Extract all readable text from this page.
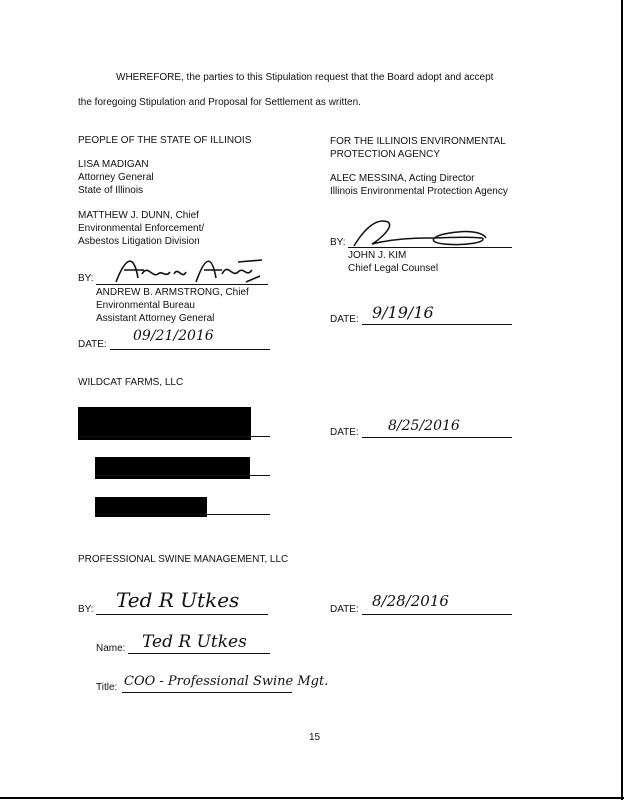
WHEREFORE, the parties to this Stipulation request that the Board adopt and accept
the foregoing Stipulation and Proposal for Settlement as written.
PEOPLE OF THE STATE OF ILLINOIS
LISA MADIGAN
Attorney General
State of Illinois
MATTHEW J. DUNN, Chief
Environmental Enforcement/
Asbestos Litigation Division
BY:
ANDREW B. ARMSTRONG, Chief
Environmental Bureau
Assistant Attorney General
DATE:
09/21/2016
FOR THE ILLINOIS ENVIRONMENTAL
PROTECTION AGENCY
ALEC MESSINA, Acting Director
Illinois Environmental Protection Agency
BY:
JOHN J. KIM
Chief Legal Counsel
DATE: 9/19/16
WILDCAT FARMS, LLC
DATE: 8/25/2016
PROFESSIONAL SWINE MANAGEMENT, LLC
BY: Ted R Utkes	DATE: 8/28/2016
Name: Ted R Utkes
Title: COO - Professional Swine Mgt.
15
